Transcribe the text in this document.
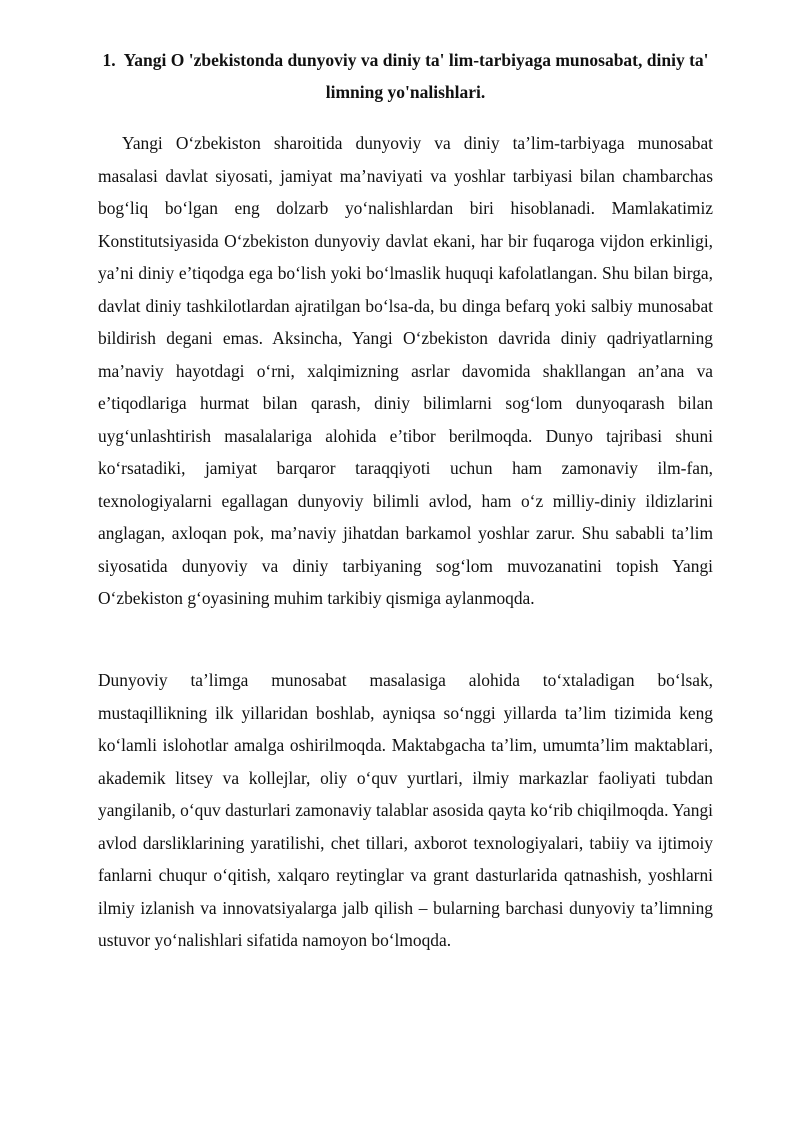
1. Yangi O 'zbekistonda dunyoviy va diniy ta' lim-tarbiyaga munosabat, diniy ta' limning yo'nalishlari.

Yangi O‘zbekiston sharoitida dunyoviy va diniy ta’lim-tarbiyaga munosabat masalasi davlat siyosati, jamiyat ma’naviyati va yoshlar tarbiyasi bilan chambarchas bog‘liq bo‘lgan eng dolzarb yo‘nalishlardan biri hisoblanadi. Mamlakatimiz Konstitutsiyasida O‘zbekiston dunyoviy davlat ekani, har bir fuqaroga vijdon erkinligi, ya’ni diniy e’tiqodga ega bo‘lish yoki bo‘lmaslik huquqi kafolatlangan. Shu bilan birga, davlat diniy tashkilotlardan ajratilgan bo‘lsa-da, bu dinga befarq yoki salbiy munosabat bildirish degani emas. Aksincha, Yangi O‘zbekiston davrida diniy qadriyatlarning ma’naviy hayotdagi o‘rni, xalqimizning asrlar davomida shakllangan an’ana va e’tiqodlariga hurmat bilan qarash, diniy bilimlarni sog‘lom dunyoqarash bilan uyg‘unlashtirish masalalariga alohida e’tibor berilmoqda. Dunyo tajribasi shuni ko‘rsatadiki, jamiyat barqaror taraqqiyoti uchun ham zamonaviy ilm-fan, texnologiyalarni egallagan dunyoviy bilimli avlod, ham o‘z milliy-diniy ildizlarini anglagan, axloqan pok, ma’naviy jihatdan barkamol yoshlar zarur. Shu sababli ta’lim siyosatida dunyoviy va diniy tarbiyaning sog‘lom muvozanatini topish Yangi O‘zbekiston g‘oyasining muhim tarkibiy qismiga aylanmoqda.

Dunyoviy ta’limga munosabat masalasiga alohida to‘xtaladigan bo‘lsak, mustaqillikning ilk yillaridan boshlab, ayniqsa so‘nggi yillarda ta’lim tizimida keng ko‘lamli islohotlar amalga oshirilmoqda. Maktabgacha ta’lim, umumta’lim maktablari, akademik litsey va kollejlar, oliy o‘quv yurtlari, ilmiy markazlar faoliyati tubdan yangilanib, o‘quv dasturlari zamonaviy talablar asosida qayta ko‘rib chiqilmoqda. Yangi avlod darsliklarining yaratilishi, chet tillari, axborot texnologiyalari, tabiiy va ijtimoiy fanlarni chuqur o‘qitish, xalqaro reytinglar va grant dasturlarida qatnashish, yoshlarni ilmiy izlanish va innovatsiyalarga jalb qilish – bularning barchasi dunyoviy ta’limning ustuvor yo‘nalishlari sifatida namoyon bo‘lmoqda.
